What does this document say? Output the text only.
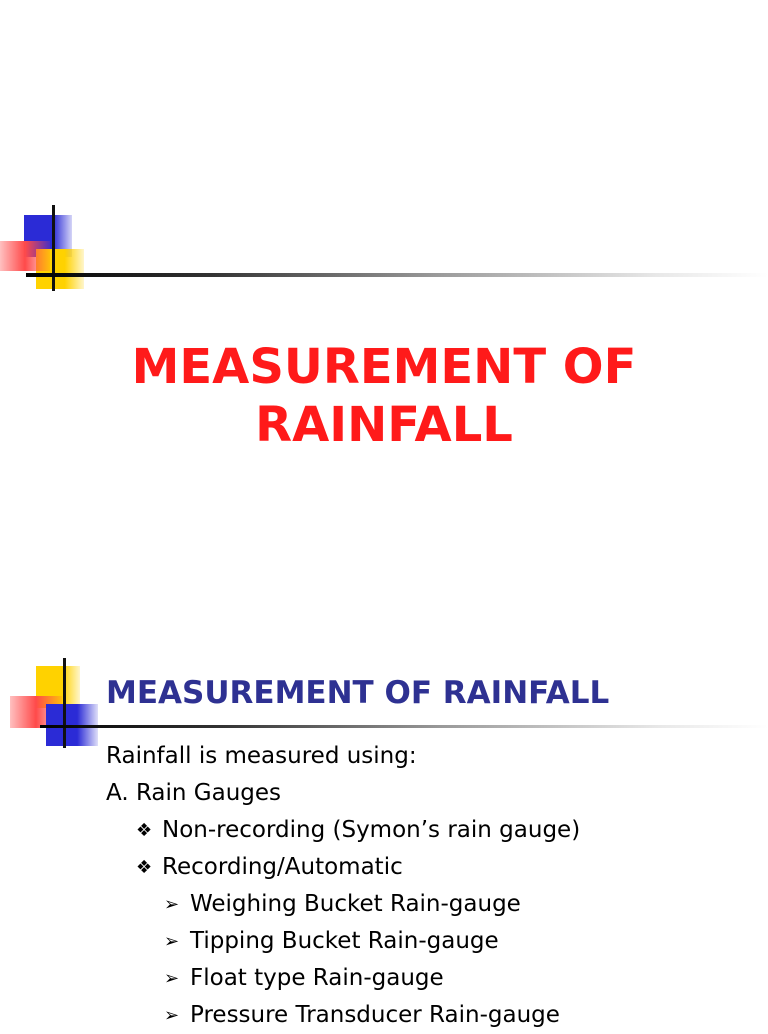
MEASUREMENT OF
RAINFALL
MEASUREMENT OF RAINFALL
Rainfall is measured using:
A. Rain Gauges
❖ Non-recording (Symon’s rain gauge)
❖ Recording/Automatic
➢ Weighing Bucket Rain-gauge
➢ Tipping Bucket Rain-gauge
➢ Float type Rain-gauge
➢ Pressure Transducer Rain-gauge
